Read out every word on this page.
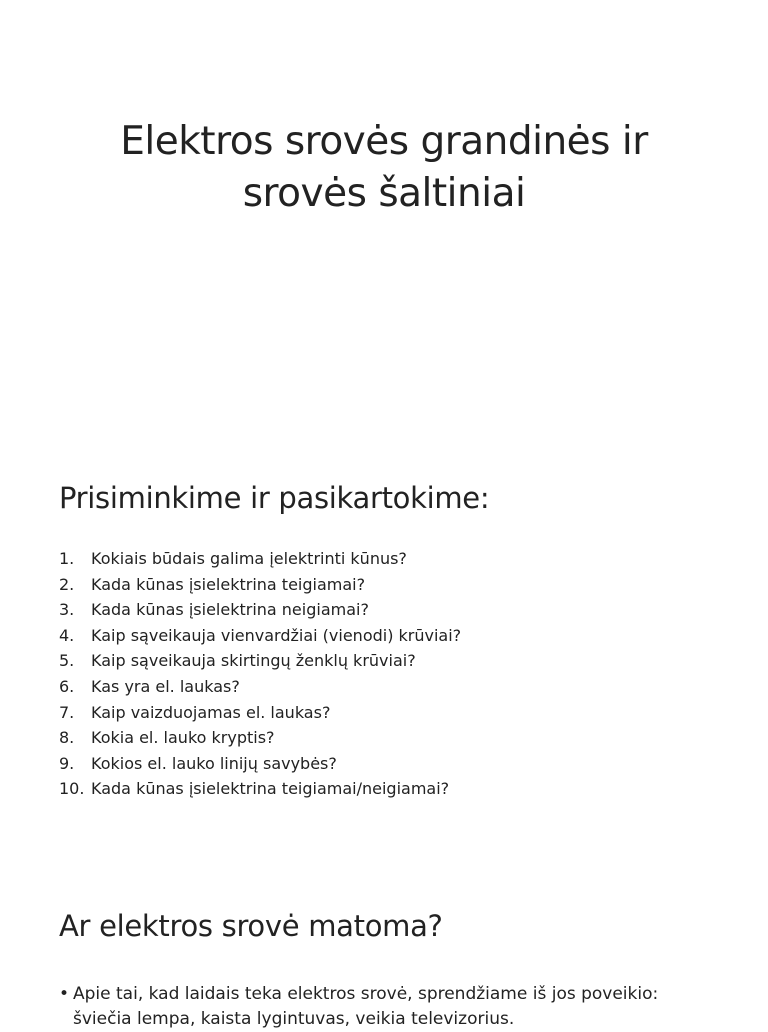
Elektros srovės grandinės ir
srovės šaltiniai
Prisiminkime ir pasikartokime:
1.	Kokiais būdais galima įelektrinti kūnus?
2.	Kada kūnas įsielektrina teigiamai?
3.	Kada kūnas įsielektrina neigiamai?
4.	Kaip sąveikauja vienvardžiai (vienodi) krūviai?
5.	Kaip sąveikauja skirtingų ženklų krūviai?
6.	Kas yra el. laukas?
7.	Kaip vaizduojamas el. laukas?
8.	Kokia el. lauko kryptis?
9.	Kokios el. lauko linijų savybės?
10. Kada kūnas įsielektrina teigiamai/neigiamai?
Ar elektros srovė matoma?

• Apie tai, kad laidais teka elektros srovė, sprendžiame iš jos poveikio: šviečia lempa, kaista lygintuvas, veikia televizorius.
